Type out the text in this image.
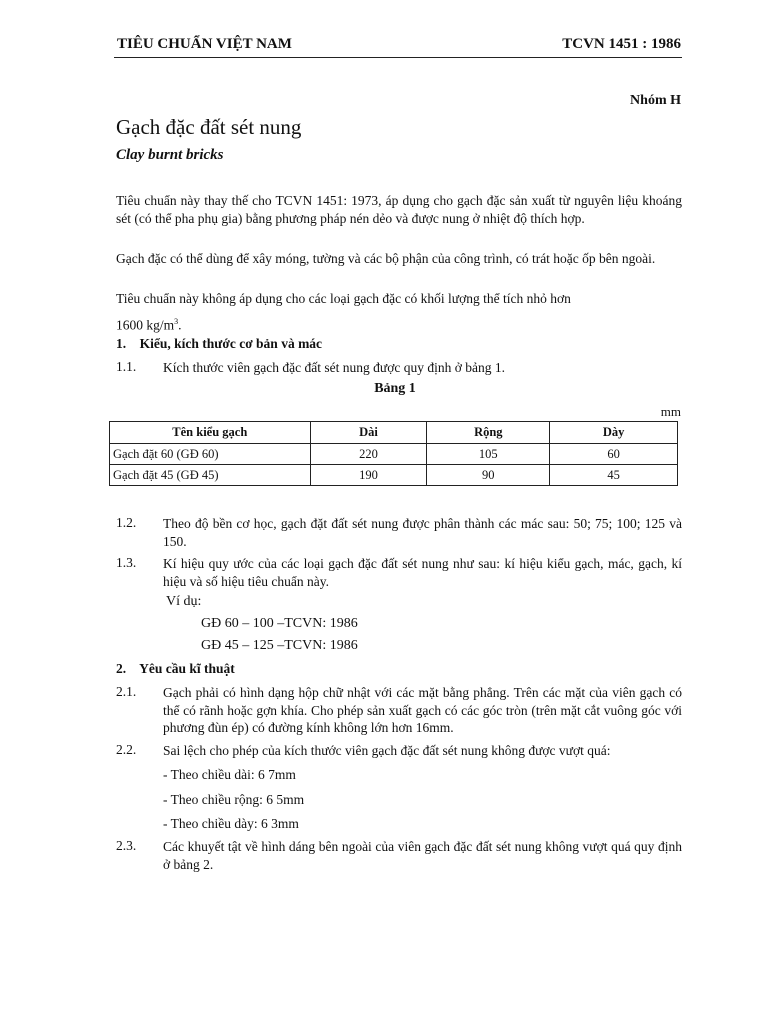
TIÊU CHUẨN VIỆT NAM	TCVN 1451 : 1986
Nhóm H
Gạch đặc đất sét nung
Clay burnt bricks
Tiêu chuẩn này thay thế cho TCVN 1451: 1973, áp dụng cho gạch đặc sản xuất từ nguyên liệu khoáng sét (có thể pha phụ gia) bằng phương pháp nén dẻo và được nung ở nhiệt độ thích hợp.
Gạch đặc có thể dùng để xây móng, tường và các bộ phận của công trình, có trát hoặc ốp bên ngoài.
Tiêu chuẩn này không áp dụng cho các loại gạch đặc có khối lượng thể tích nhỏ hơn
1600 $kg/m^3$.
1.    Kiểu, kích thước cơ bản và mác
1.1. Kích thước viên gạch đặc đất sét nung được quy định ở bảng 1.
Bảng 1
mm
Tên kiểu gạch	Dài	Rộng	Dày
Gạch đặt 60 (GĐ 60)	220	105	60
Gạch đặt 45 (GĐ 45)	190	90	45
1.2. Theo độ bền cơ học, gạch đặt đất sét nung được phân thành các mác sau: 50; 75; 100; 125 và 150.
1.3. Kí hiệu quy ước của các loại gạch đặc đất sét nung như sau: kí hiệu kiểu gạch, mác, gạch, kí hiệu và số hiệu tiêu chuẩn này.
Ví dụ:
GĐ 60 – 100 –TCVN: 1986
GĐ 45 – 125 –TCVN: 1986
2.    Yêu cầu kĩ thuật
2.1. Gạch phải có hình dạng hộp chữ nhật với các mặt bằng phẳng. Trên các mặt của viên gạch có thể có rãnh hoặc gợn khía. Cho phép sản xuất gạch có các góc tròn (trên mặt cắt vuông góc với phương đùn ép) có đường kính không lớn hơn 16mm.
2.2. Sai lệch cho phép của kích thước viên gạch đặc đất sét nung không được vượt quá:
- Theo chiều dài: 6 7mm
- Theo chiều rộng: 6 5mm
- Theo chiều dày: 6 3mm
2.3. Các khuyết tật về hình dáng bên ngoài của viên gạch đặc đất sét nung không vượt quá quy định ở bảng 2.
